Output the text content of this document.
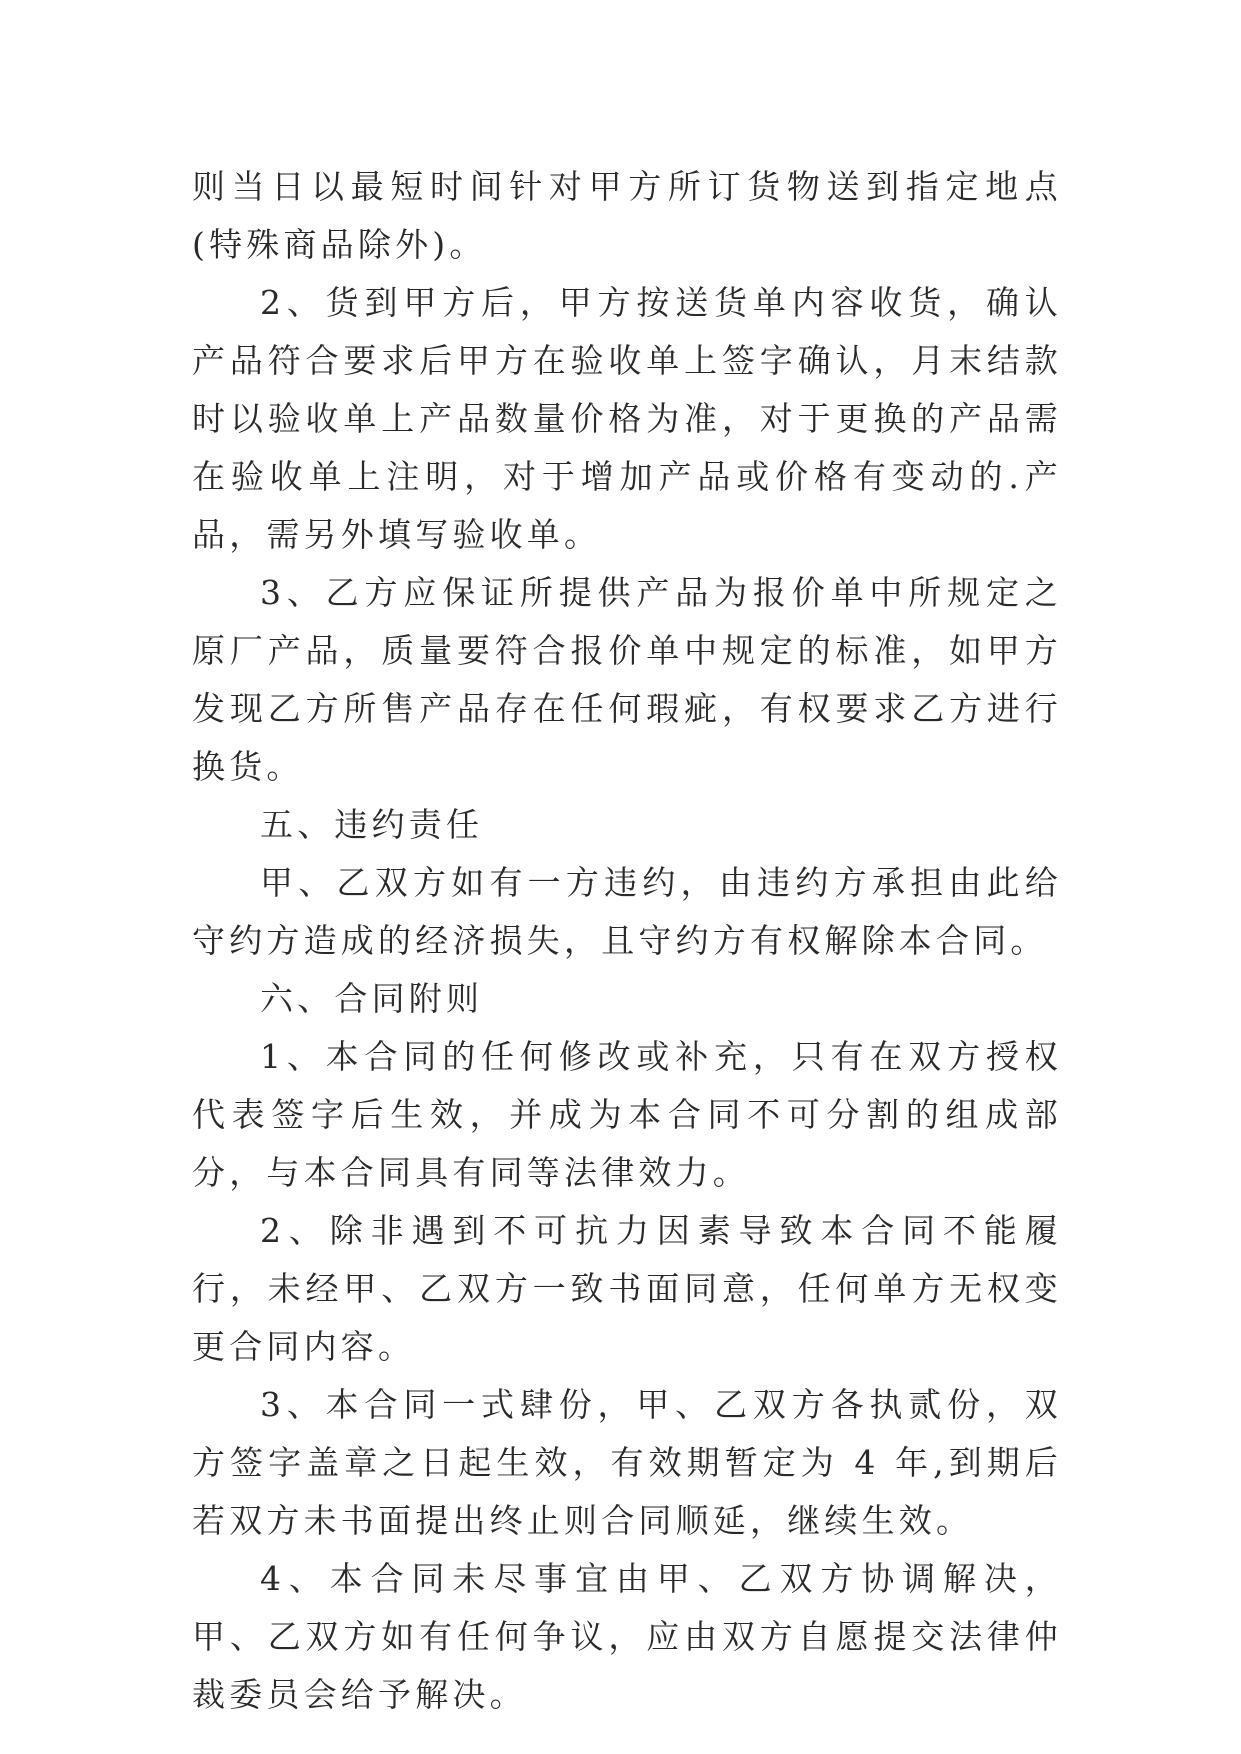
则当日以最短时间针对甲方所订货物送到指定地点(特殊商品除外)。

2、货到甲方后，甲方按送货单内容收货，确认产品符合要求后甲方在验收单上签字确认，月末结款时以验收单上产品数量价格为准，对于更换的产品需在验收单上注明，对于增加产品或价格有变动的.产品，需另外填写验收单。

3、乙方应保证所提供产品为报价单中所规定之原厂产品，质量要符合报价单中规定的标准，如甲方发现乙方所售产品存在任何瑕疵，有权要求乙方进行换货。

五、违约责任

甲、乙双方如有一方违约，由违约方承担由此给守约方造成的经济损失，且守约方有权解除本合同。

六、合同附则

1、本合同的任何修改或补充，只有在双方授权代表签字后生效，并成为本合同不可分割的组成部分，与本合同具有同等法律效力。

2、除非遇到不可抗力因素导致本合同不能履行，未经甲、乙双方一致书面同意，任何单方无权变更合同内容。

3、本合同一式肆份，甲、乙双方各执贰份，双方签字盖章之日起生效，有效期暂定为 4 年,到期后若双方未书面提出终止则合同顺延，继续生效。

4、本合同未尽事宜由甲、乙双方协调解决，甲、乙双方如有任何争议，应由双方自愿提交法律仲裁委员会给予解决。
